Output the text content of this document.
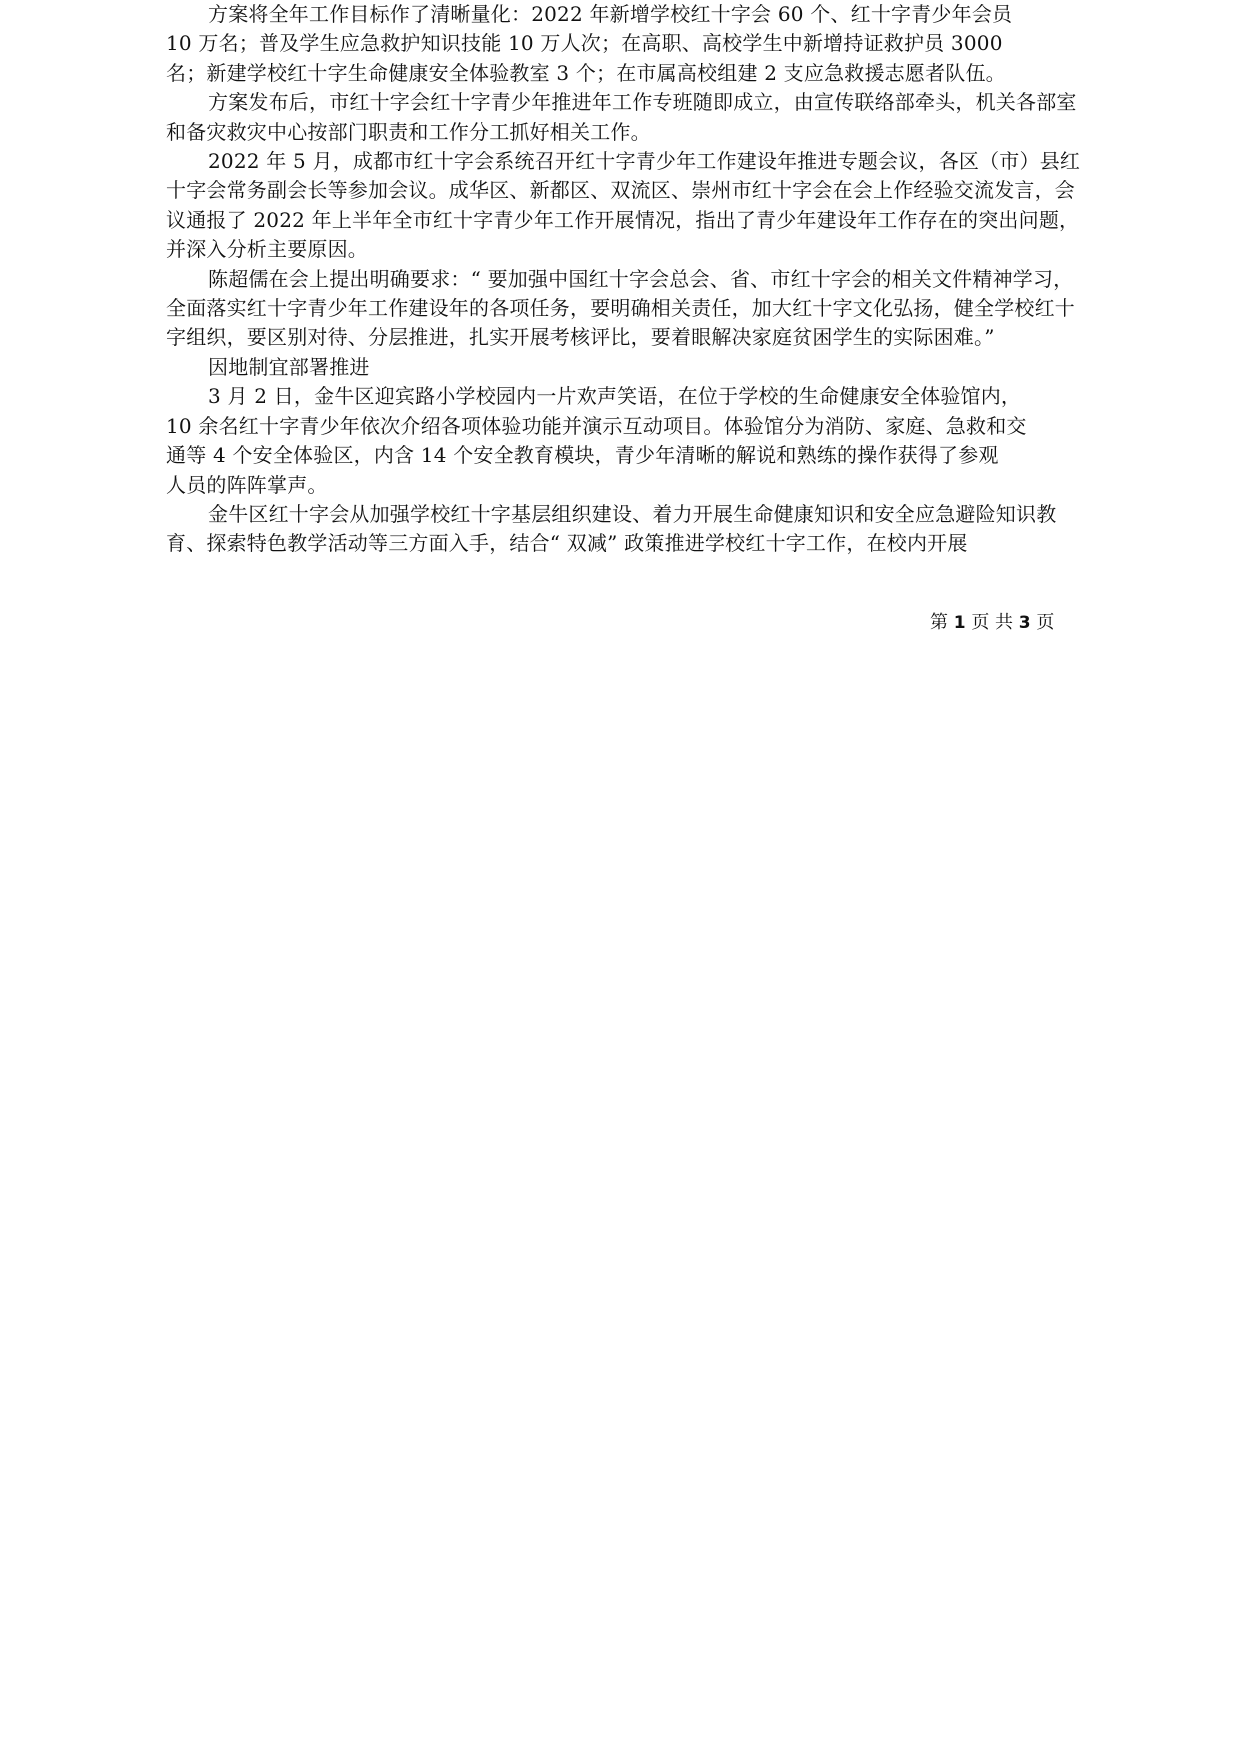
方案将全年工作目标作了清晰量化：2022 年新增学校红十字会 60 个、红十字青少年会员
10 万名；普及学生应急救护知识技能 10 万人次；在高职、高校学生中新增持证救护员 3000
名；新建学校红十字生命健康安全体验教室 3 个；在市属高校组建 2 支应急救援志愿者队伍。

方案发布后，市红十字会红十字青少年推进年工作专班随即成立，由宣传联络部牵头，机关各部室和备灾救灾中心按部门职责和工作分工抓好相关工作。

2022 年 5 月，成都市红十字会系统召开红十字青少年工作建设年推进专题会议，各区（市）县红十字会常务副会长等参加会议。成华区、新都区、双流区、崇州市红十字会在会上作经验交流发言，会议通报了 2022 年上半年全市红十字青少年工作开展情况，指出了青少年建设年工作存在的突出问题，并深入分析主要原因。

陈超儒在会上提出明确要求：“ 要加强中国红十字会总会、省、市红十字会的相关文件精神学习，全面落实红十字青少年工作建设年的各项任务，要明确相关责任，加大红十字文化弘扬，健全学校红十字组织，要区别对待、分层推进，扎实开展考核评比，要着眼解决家庭贫困学生的实际困难。”

因地制宜部署推进

3 月 2 日，金牛区迎宾路小学校园内一片欢声笑语，在位于学校的生命健康安全体验馆内，
10 余名红十字青少年依次介绍各项体验功能并演示互动项目。体验馆分为消防、家庭、急救和交
通等 4 个安全体验区，内含 14 个安全教育模块，青少年清晰的解说和熟练的操作获得了参观
人员的阵阵掌声。

金牛区红十字会从加强学校红十字基层组织建设、着力开展生命健康知识和安全应急避险知识教育、探索特色教学活动等三方面入手，结合“ 双减” 政策推进学校红十字工作，在校内开展

第 1 页 共 3 页
